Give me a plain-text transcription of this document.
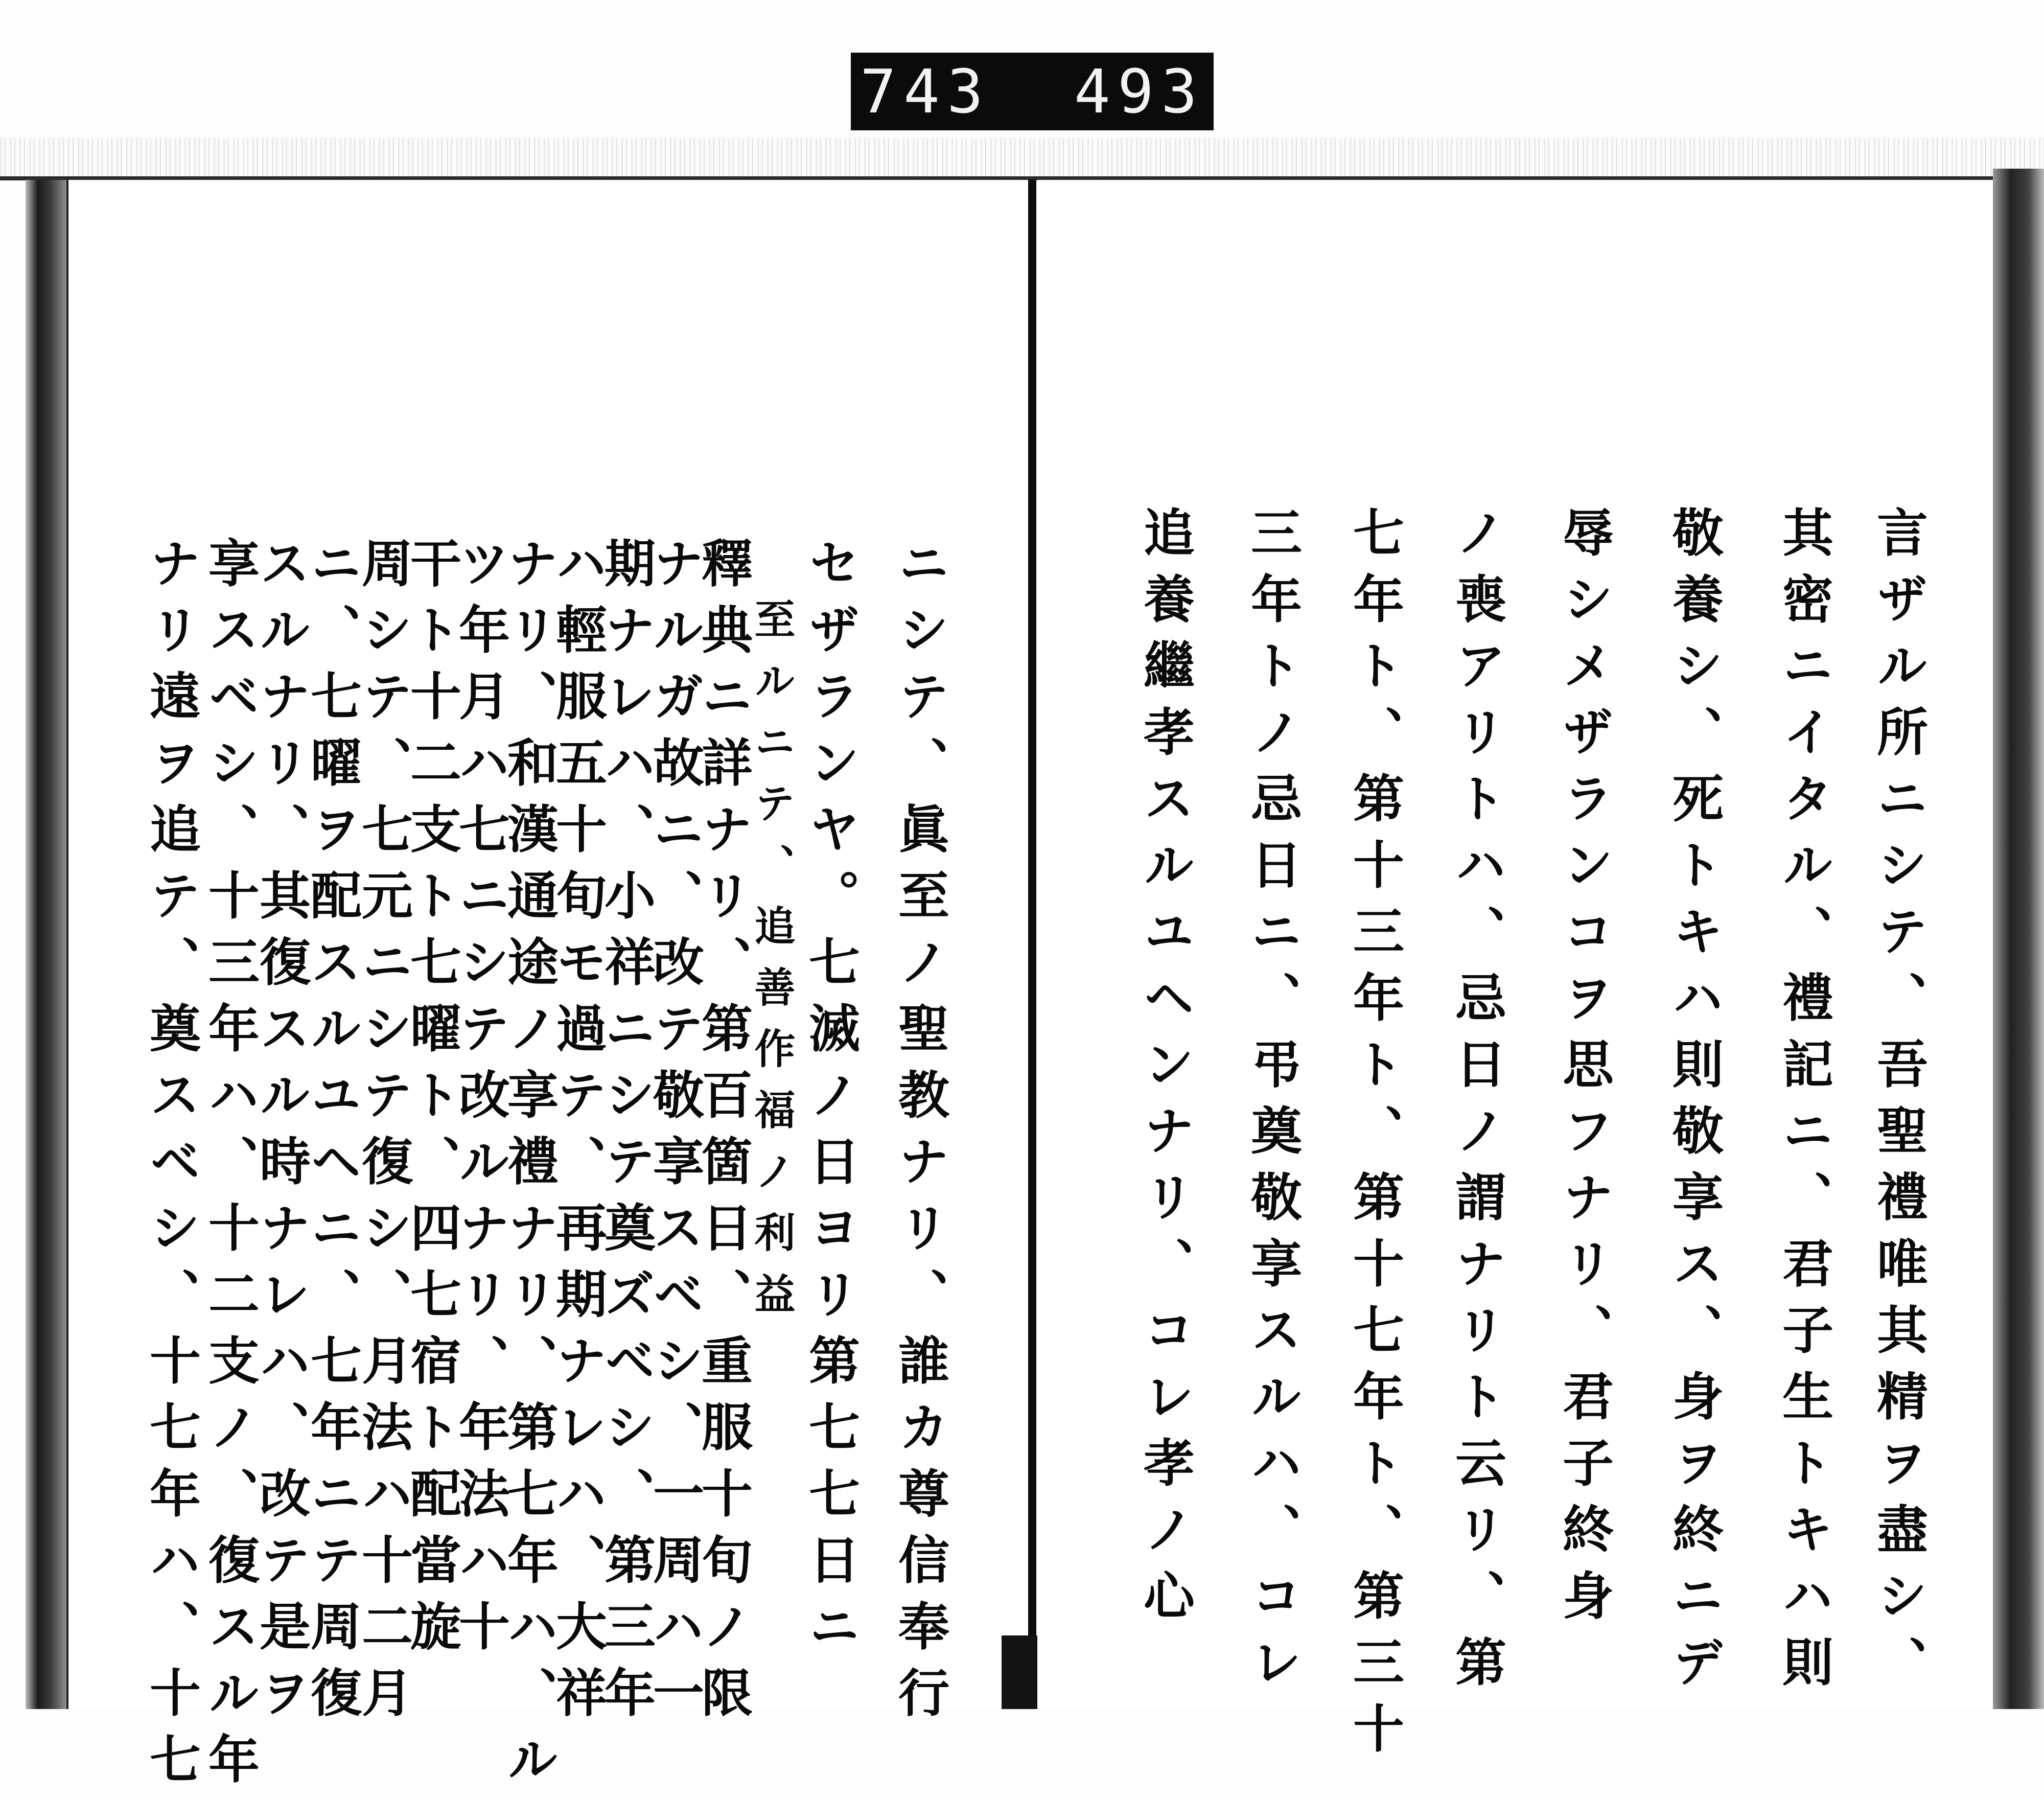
743 493
言ザル所ニシテ、吾聖禮唯其精ヲ盡シ、
其密ニイタル、禮記ニ、君子生トキハ則
敬養シ、死トキハ則敬享ス、身ヲ終ニデ
辱シメザランコヲ思フナリ、君子終身
ノ喪アリトハ、忌日ノ謂ナリト云リ、第
七年ト、第十三年ト、第十七年ト、第三十
三年トノ忌日ニ、弔奠敬享スルハ、コレ
追養繼孝スルユヘンナリ、コレ孝ノ心
ニシテ、眞至ノ聖教ナリ、誰カ尊信奉行
セザランヤ。七滅ノ日ヨリ第七七日ニ
至ルニテ、追善作福ノ利益
釋典ニ詳ナリ、第百箇日、重服十旬ノ限
ナルガ故ニ、改テ敬享スベシ、一周ハ一
期ナレハ、小祥ニシテ奠ズベシ、第三年
ハ輕服五十旬モ過テ、再期ナレハ、大祥
ナリ、和漢通途ノ享禮ナリ、第七年ハ、ル
ツ年月ハ七ニシテ改ルナリ、年法ハ十
干ト十二支ト七曜ト、四七宿ト配當旋
周シテ、七元ニシテ復シ、月法ハ十二月
ニ、七曜ヲ配スルユヘニ、七年ニテ周復
スルナリ、其復スル時ナレハ、改テ是ヲ
享スベシ、十三年ハ、十二支ノ、復スル年
ナリ遠ヲ追テ、奠スベシ、十七年ハ、十七
